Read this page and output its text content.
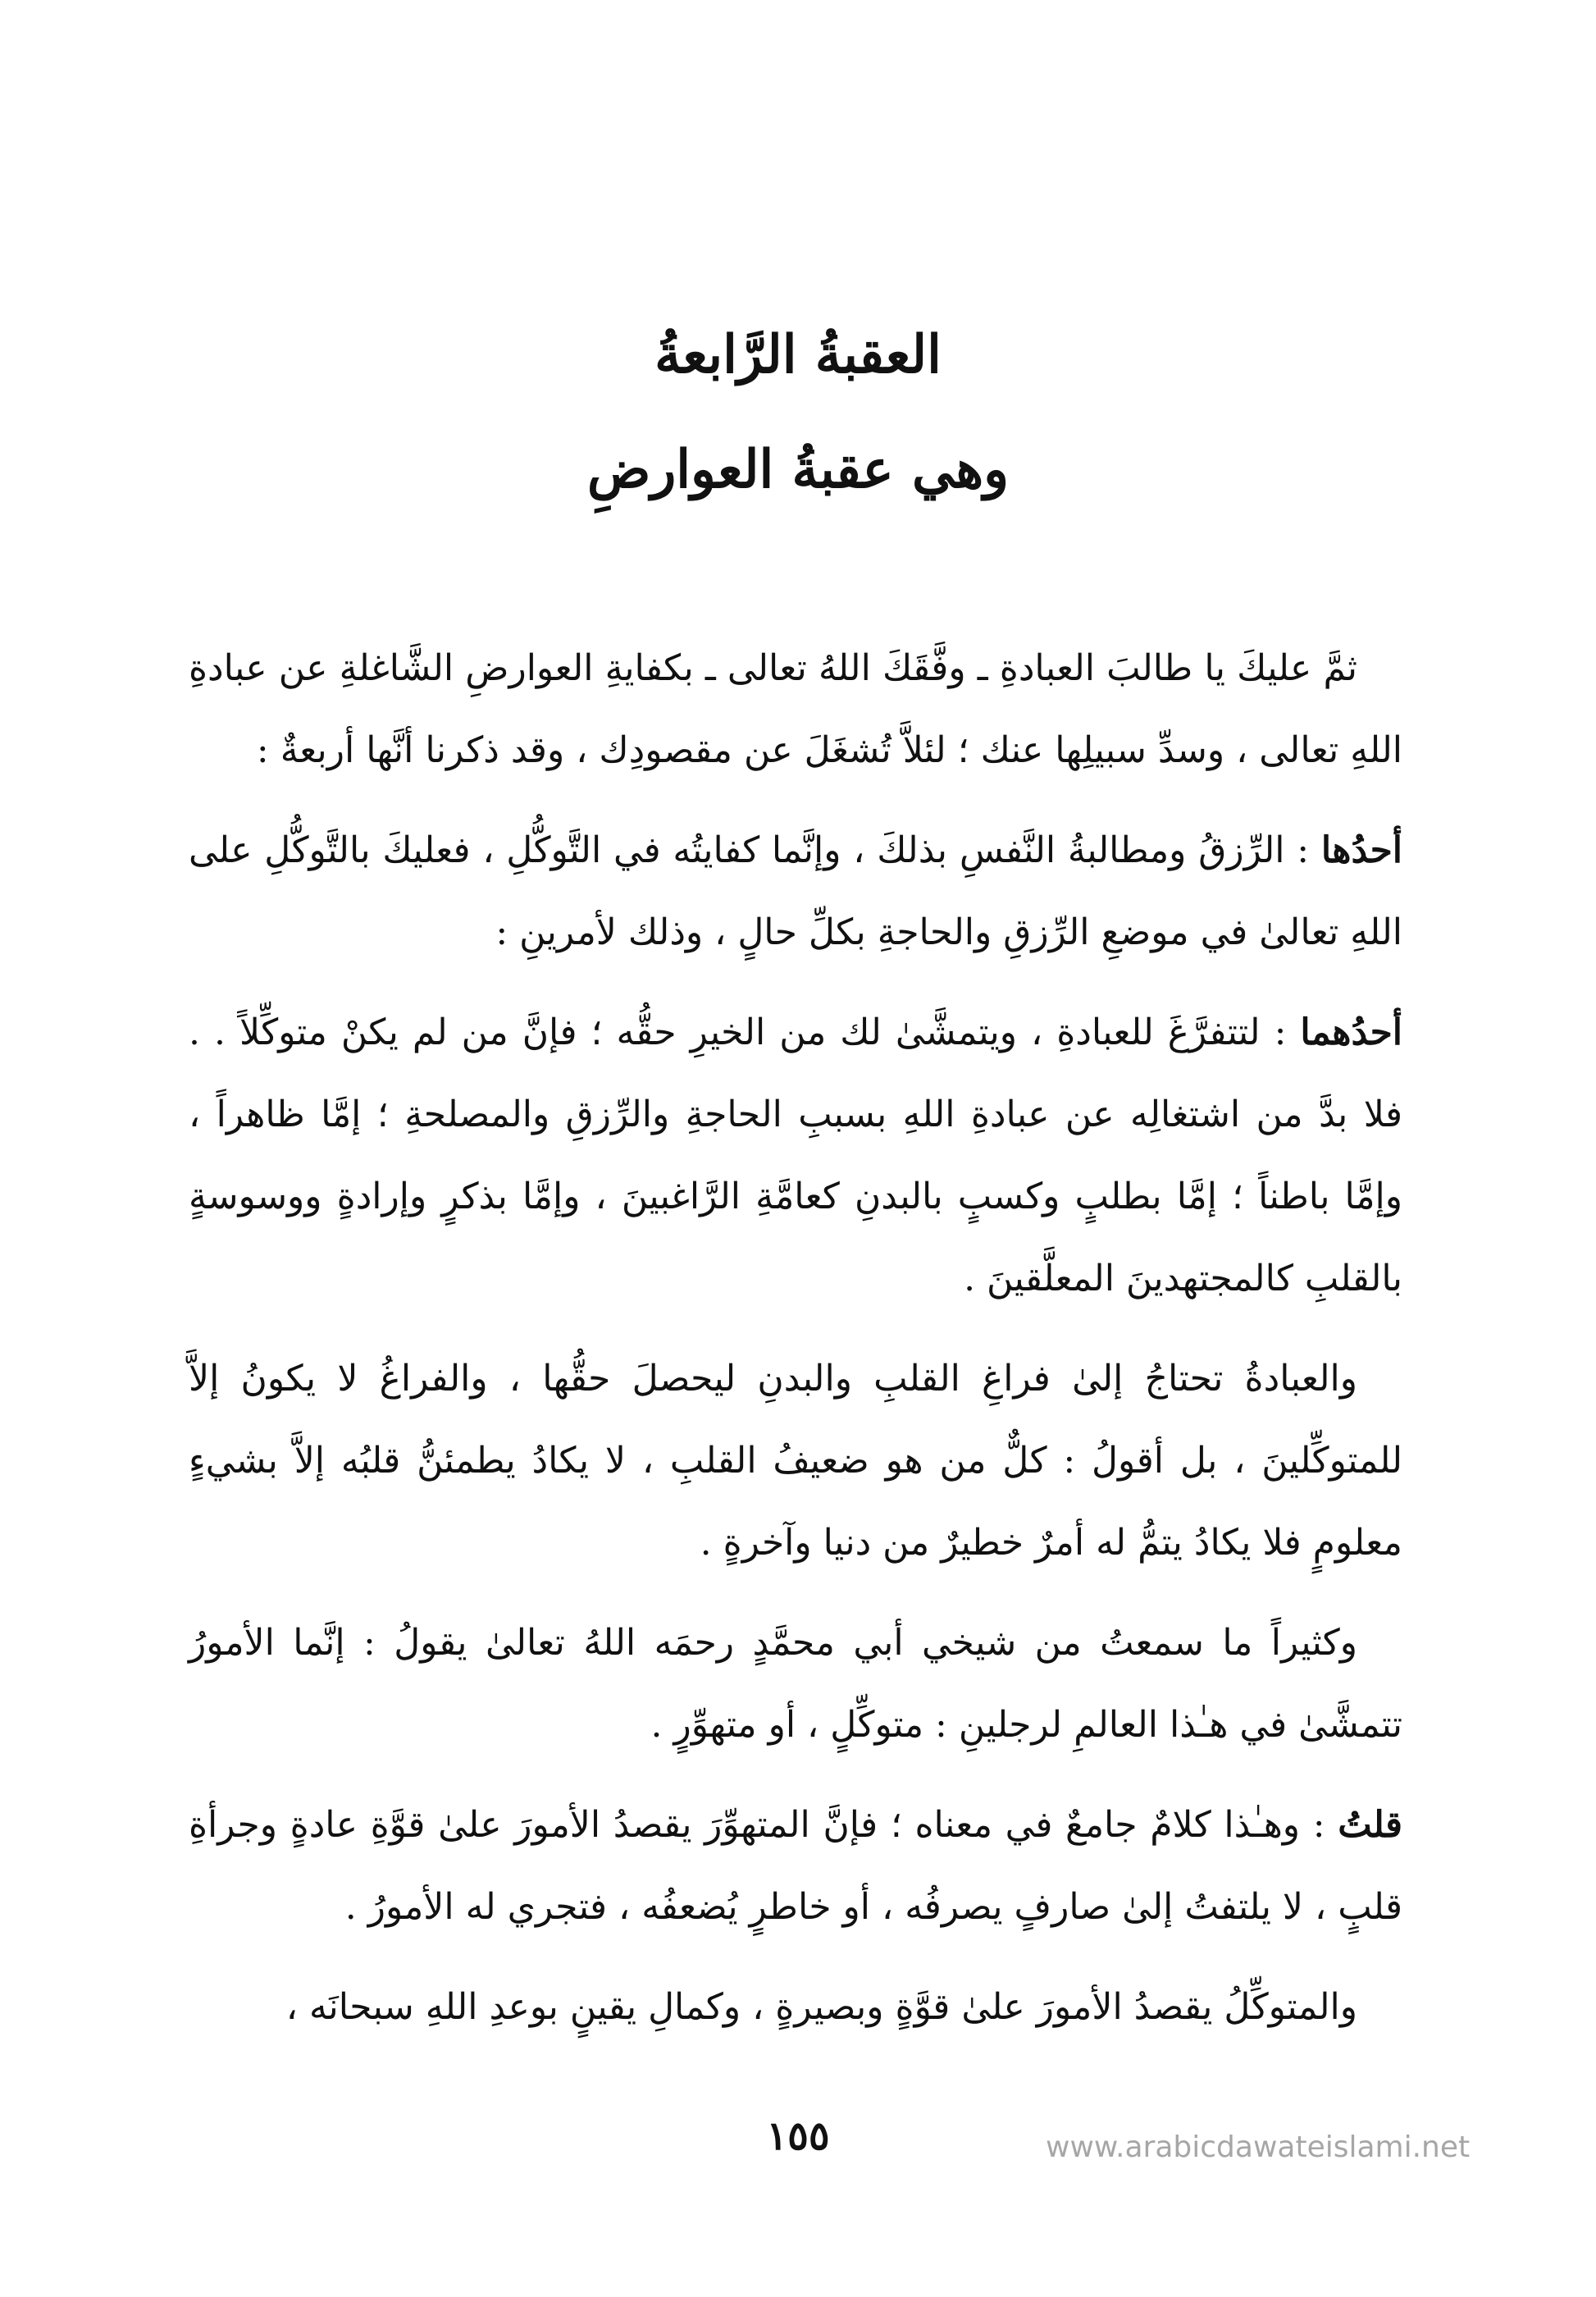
العقبةُ الرَّابعةُ
وهي عقبةُ العوارضِ

ثمَّ عليكَ يا طالبَ العبادةِ ـ وفَّقَكَ اللهُ تعالى ـ بكفايةِ العوارضِ الشَّاغلةِ عن عبادةِ اللهِ تعالى ، وسدِّ سبيلِها عنك ؛ لئلاَّ تُشغَلَ عن مقصودِك ، وقد ذكرنا أنَّها أربعةٌ :

أحدُها : الرِّزقُ ومطالبةُ النَّفسِ بذلكَ ، وإنَّما كفايتُه في التَّوكُّلِ ، فعليكَ بالتَّوكُّلِ على اللهِ تعالىٰ في موضعِ الرِّزقِ والحاجةِ بكلِّ حالٍ ، وذلك لأمرينِ :

أحدُهما : لتتفرَّغَ للعبادةِ ، ويتمشَّىٰ لك من الخيرِ حقُّه ؛ فإنَّ من لم يكنْ متوكِّلاً . . فلا بدَّ من اشتغالِه عن عبادةِ اللهِ بسببِ الحاجةِ والرِّزقِ والمصلحةِ ؛ إمَّا ظاهراً ، وإمَّا باطناً ؛ إمَّا بطلبٍ وكسبٍ بالبدنِ كعامَّةِ الرَّاغبينَ ، وإمَّا بذكرٍ وإرادةٍ ووسوسةٍ بالقلبِ كالمجتهدينَ المعلَّقينَ .

والعبادةُ تحتاجُ إلىٰ فراغِ القلبِ والبدنِ ليحصلَ حقُّها ، والفراغُ لا يكونُ إلاَّ للمتوكِّلينَ ، بل أقولُ : كلٌّ من هو ضعيفُ القلبِ ، لا يكادُ يطمئنُّ قلبُه إلاَّ بشيءٍ معلومٍ فلا يكادُ يتمُّ له أمرٌ خطيرٌ من دنيا وآخرةٍ .

وكثيراً ما سمعتُ من شيخي أبي محمَّدٍ رحمَه اللهُ تعالىٰ يقولُ : إنَّما الأمورُ تتمشَّىٰ في هـٰذا العالمِ لرجلينِ : متوكِّلٍ ، أو متهوِّرٍ .

قلتُ : وهـٰذا كلامٌ جامعٌ في معناه ؛ فإنَّ المتهوِّرَ يقصدُ الأمورَ علىٰ قوَّةِ عادةٍ وجرأةِ قلبٍ ، لا يلتفتُ إلىٰ صارفٍ يصرفُه ، أو خاطرٍ يُضعفُه ، فتجري له الأمورُ .

والمتوكِّلُ يقصدُ الأمورَ علىٰ قوَّةٍ وبصيرةٍ ، وكمالِ يقينٍ بوعدِ اللهِ سبحانَه ،

١٥٥	www.arabicdawateislami.net
